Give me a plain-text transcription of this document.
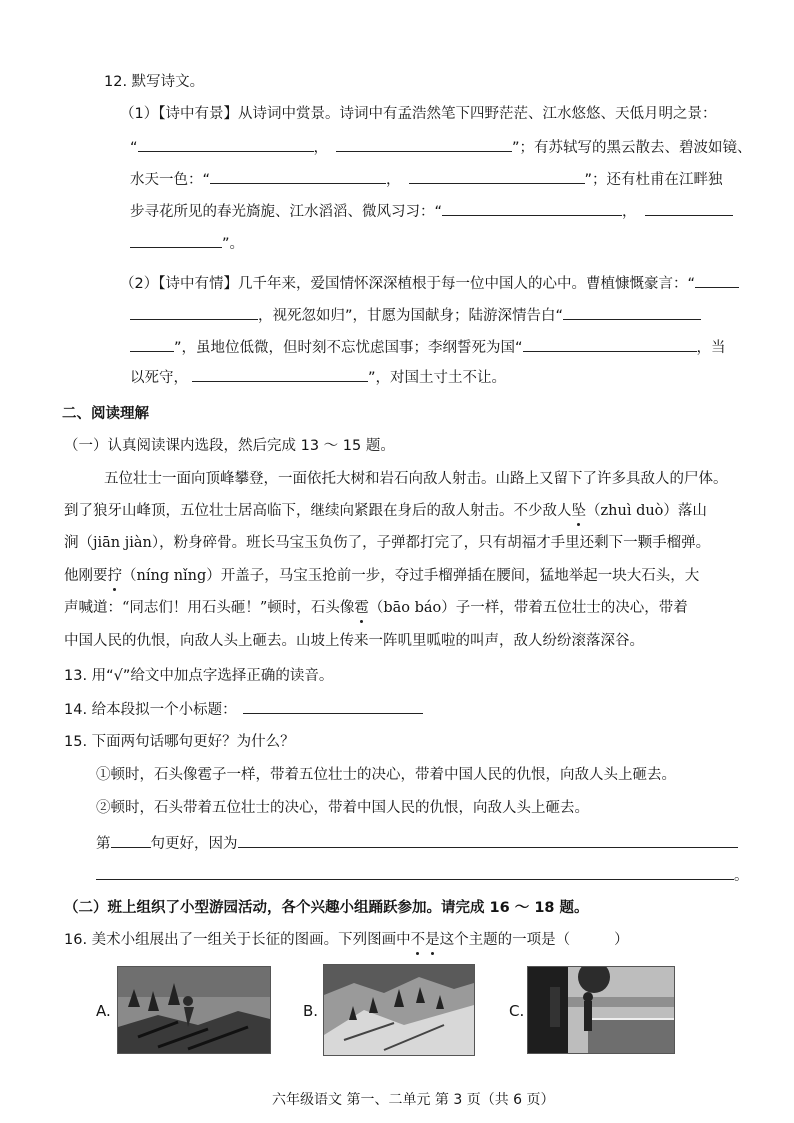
12. 默写诗文。
（1）【诗中有景】从诗词中赏景。诗词中有孟浩然笔下四野茫茫、江水悠悠、天低月明之景：
“	，	”；有苏轼写的黑云散去、碧波如镜、
水天一色：“	，	”；还有杜甫在江畔独
步寻花所见的春光旖旎、江水滔滔、微风习习：“	，
”。
（2）【诗中有情】几千年来，爱国情怀深深植根于每一位中国人的心中。曹植慷慨豪言：“
，视死忽如归”，甘愿为国献身；陆游深情告白“
”，虽地位低微，但时刻不忘忧虑国事；李纲誓死为国“	，当
以死守，	”，对国土寸土不让。
二、阅读理解
（一）认真阅读课内选段，然后完成 13 ～ 15 题。
五位壮士一面向顶峰攀登，一面依托大树和岩石向敌人射击。山路上又留下了许多具敌人的尸体。
到了狼牙山峰顶，五位壮士居高临下，继续向紧跟在身后的敌人射击。不少敌人坠（zhuì duò）落山
涧（jiān jiàn），粉身碎骨。班长马宝玉负伤了，子弹都打完了，只有胡福才手里还剩下一颗手榴弹。
他刚要拧（níng nǐng）开盖子，马宝玉抢前一步，夺过手榴弹插在腰间，猛地举起一块大石头，大
声喊道：“同志们！用石头砸！”顿时，石头像雹（bāo báo）子一样，带着五位壮士的决心，带着
中国人民的仇恨，向敌人头上砸去。山坡上传来一阵叽里呱啦的叫声，敌人纷纷滚落深谷。
13. 用“√”给文中加点字选择正确的读音。
14. 给本段拟一个小标题：
15. 下面两句话哪句更好？为什么？
①顿时，石头像雹子一样，带着五位壮士的决心，带着中国人民的仇恨，向敌人头上砸去。
②顿时，石头带着五位壮士的决心，带着中国人民的仇恨，向敌人头上砸去。
第	句更好，因为
。
（二）班上组织了小型游园活动，各个兴趣小组踊跃参加。请完成 16 ～ 18 题。
16. 美术小组展出了一组关于长征的图画。下列图画中不是这个主题的一项是（	）
A.	B.	C.
六年级语文 第一、二单元 第 3 页（共 6 页）
